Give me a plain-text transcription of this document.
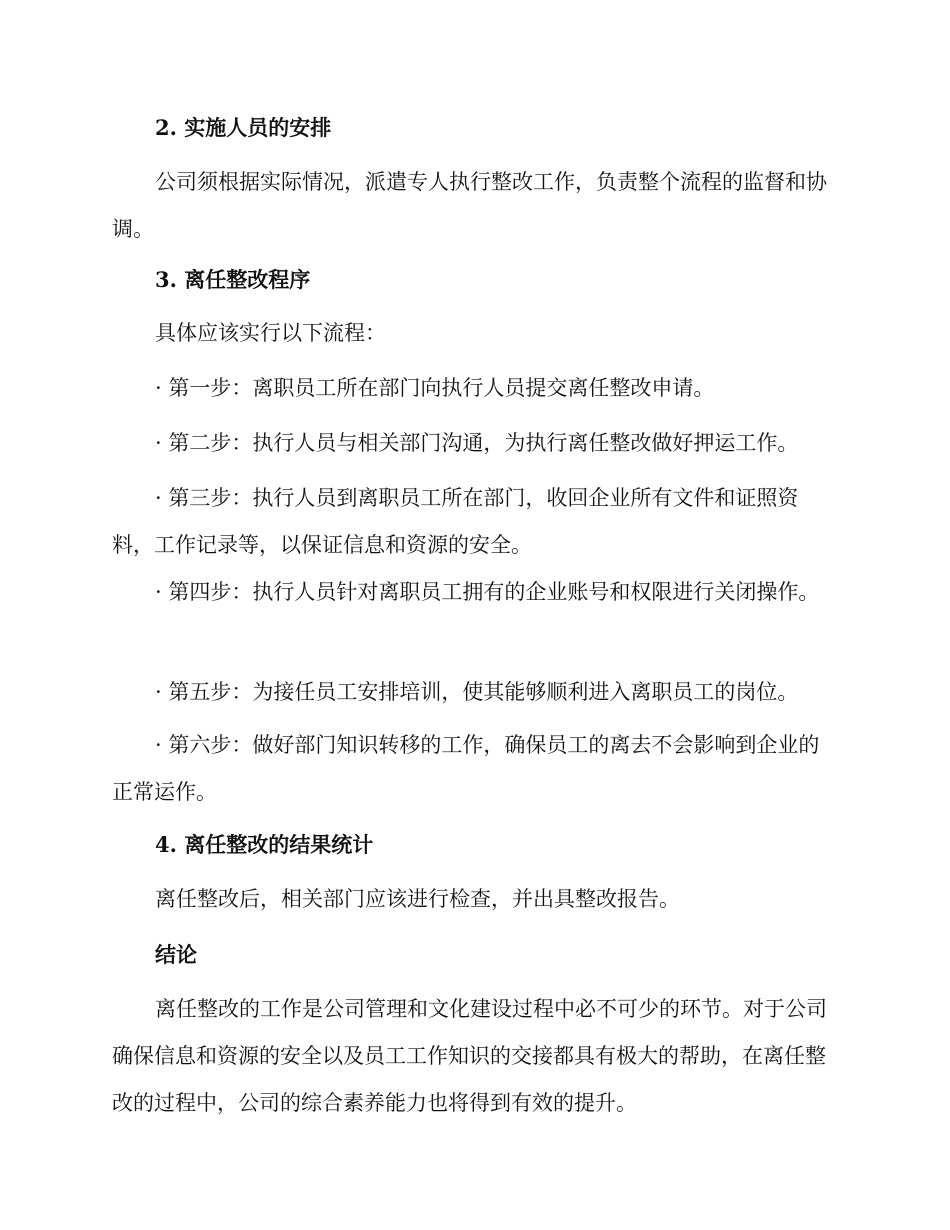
2. 实施人员的安排

公司须根据实际情况，派遣专人执行整改工作，负责整个流程的监督和协调。

3. 离任整改程序

具体应该实行以下流程：

· 第一步：离职员工所在部门向执行人员提交离任整改申请。

· 第二步：执行人员与相关部门沟通，为执行离任整改做好押运工作。

· 第三步：执行人员到离职员工所在部门，收回企业所有文件和证照资料，工作记录等，以保证信息和资源的安全。

· 第四步：执行人员针对离职员工拥有的企业账号和权限进行关闭操作。

· 第五步：为接任员工安排培训，使其能够顺利进入离职员工的岗位。

· 第六步：做好部门知识转移的工作，确保员工的离去不会影响到企业的正常运作。

4. 离任整改的结果统计

离任整改后，相关部门应该进行检查，并出具整改报告。

结论

离任整改的工作是公司管理和文化建设过程中必不可少的环节。对于公司确保信息和资源的安全以及员工工作知识的交接都具有极大的帮助，在离任整改的过程中，公司的综合素养能力也将得到有效的提升。
